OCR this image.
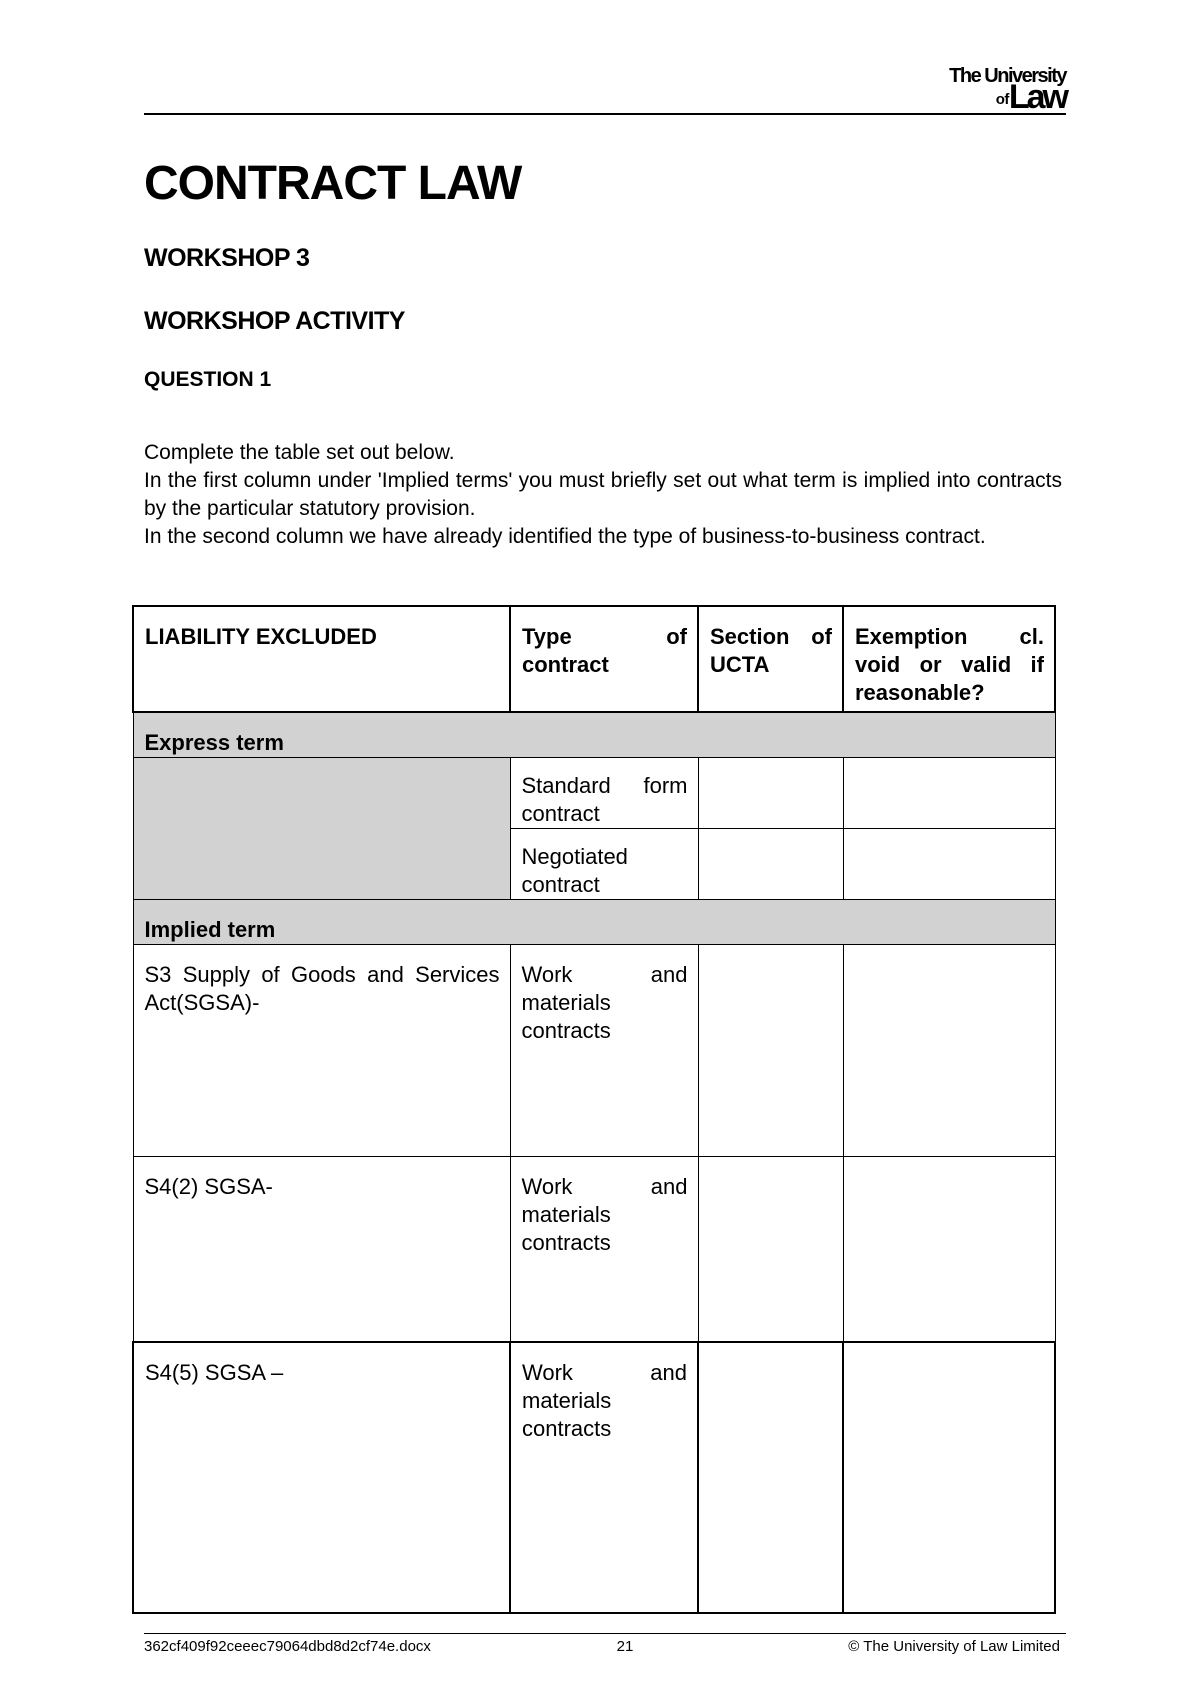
The University
ofLaw
CONTRACT LAW
WORKSHOP 3
WORKSHOP ACTIVITY
QUESTION 1

Complete the table set out below.

In the first column under 'Implied terms' you must briefly set out what term is implied into contracts by the particular statutory provision.

In the second column we have already identified the type of business-to-business contract.

LIABILITY EXCLUDED	Type of contract	Section of UCTA	Exemption cl. void or valid if reasonable?
Express term			
	Standard form contract		
	Negotiated contract		
Implied term			
S3 Supply of Goods and Services Act(SGSA)-	Work and materials contracts		
S4(2) SGSA-	Work and materials contracts		
S4(5) SGSA –	Work and materials contracts		
362cf409f92ceeec79064dbd8d2cf74e.docx	21	© The University of Law Limited
